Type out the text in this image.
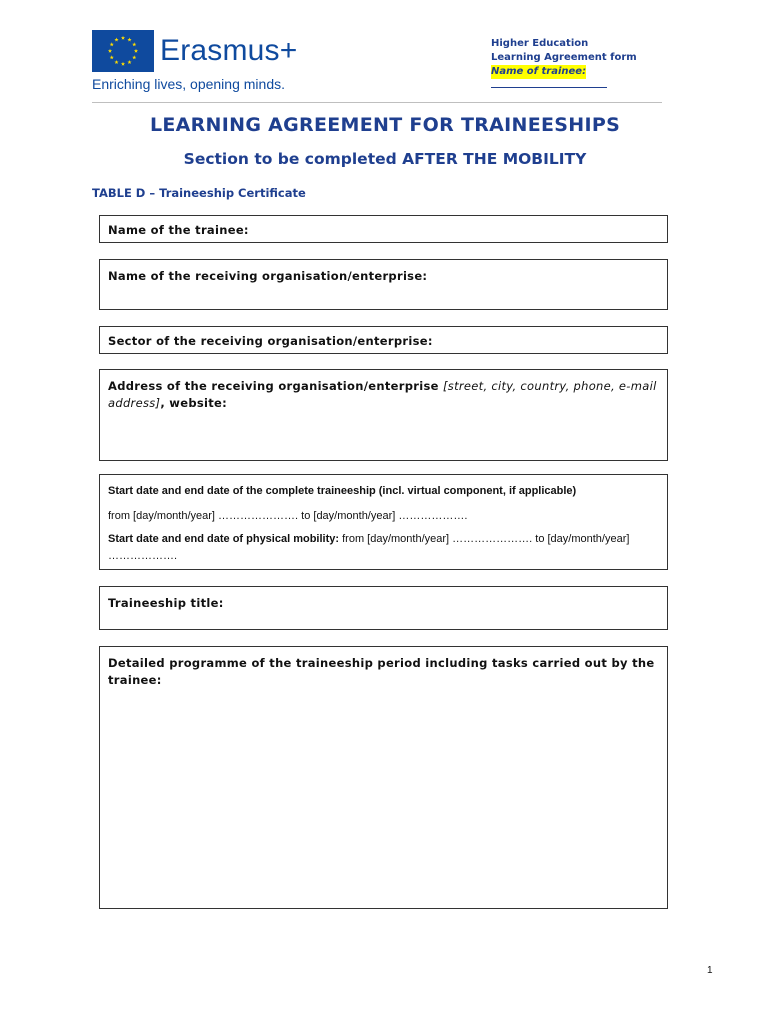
Erasmus+
Enriching lives, opening minds.
Higher Education
Learning Agreement form
Name of trainee:
LEARNING AGREEMENT FOR TRAINEESHIPS
Section to be completed AFTER THE MOBILITY
TABLE D – Traineeship Certificate
Name of the trainee:
Name of the receiving organisation/enterprise:
Sector of the receiving organisation/enterprise:
Address of the receiving organisation/enterprise [street, city, country, phone, e-mail address], website:
Start date and end date of the complete traineeship (incl. virtual component, if applicable)
from [day/month/year] …………………. to [day/month/year] ……………….
Start date and end date of physical mobility: from [day/month/year] …………………. to [day/month/year] ……………….
Traineeship title:
Detailed programme of the traineeship period including tasks carried out by the trainee:
1
